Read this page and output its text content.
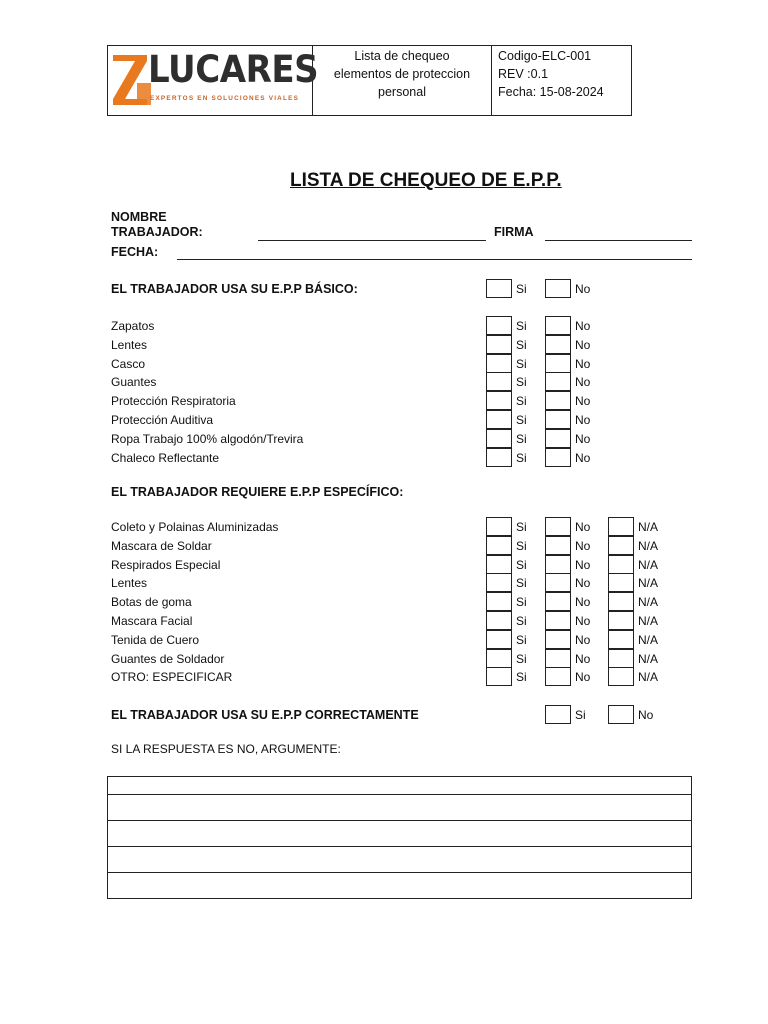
LUCARES
EXPERTOS EN SOLUCIONES VIALES
Lista de chequeo
elementos de proteccion
personal
Codigo-ELC-001
REV :0.1
Fecha: 15-08-2024
LISTA DE CHEQUEO DE E.P.P.
NOMBRE
TRABAJADOR:	FIRMA
FECHA:
EL TRABAJADOR USA SU E.P.P BÁSICO:	Si	No
Zapatos	Si	No
Lentes	Si	No
Casco	Si	No
Guantes	Si	No
Protección Respiratoria	Si	No
Protección Auditiva	Si	No
Ropa Trabajo 100% algodón/Trevira	Si	No
Chaleco Reflectante	Si	No
EL TRABAJADOR REQUIERE E.P.P ESPECÍFICO:
Coleto y Polainas Aluminizadas	Si	No	N/A
Mascara de Soldar	Si	No	N/A
Respirados Especial	Si	No	N/A
Lentes	Si	No	N/A
Botas de goma	Si	No	N/A
Mascara Facial	Si	No	N/A
Tenida de Cuero	Si	No	N/A
Guantes de Soldador	Si	No	N/A
OTRO: ESPECIFICAR	Si	No	N/A
EL TRABAJADOR USA SU E.P.P CORRECTAMENTE	Si	No
SI LA RESPUESTA ES NO, ARGUMENTE:
